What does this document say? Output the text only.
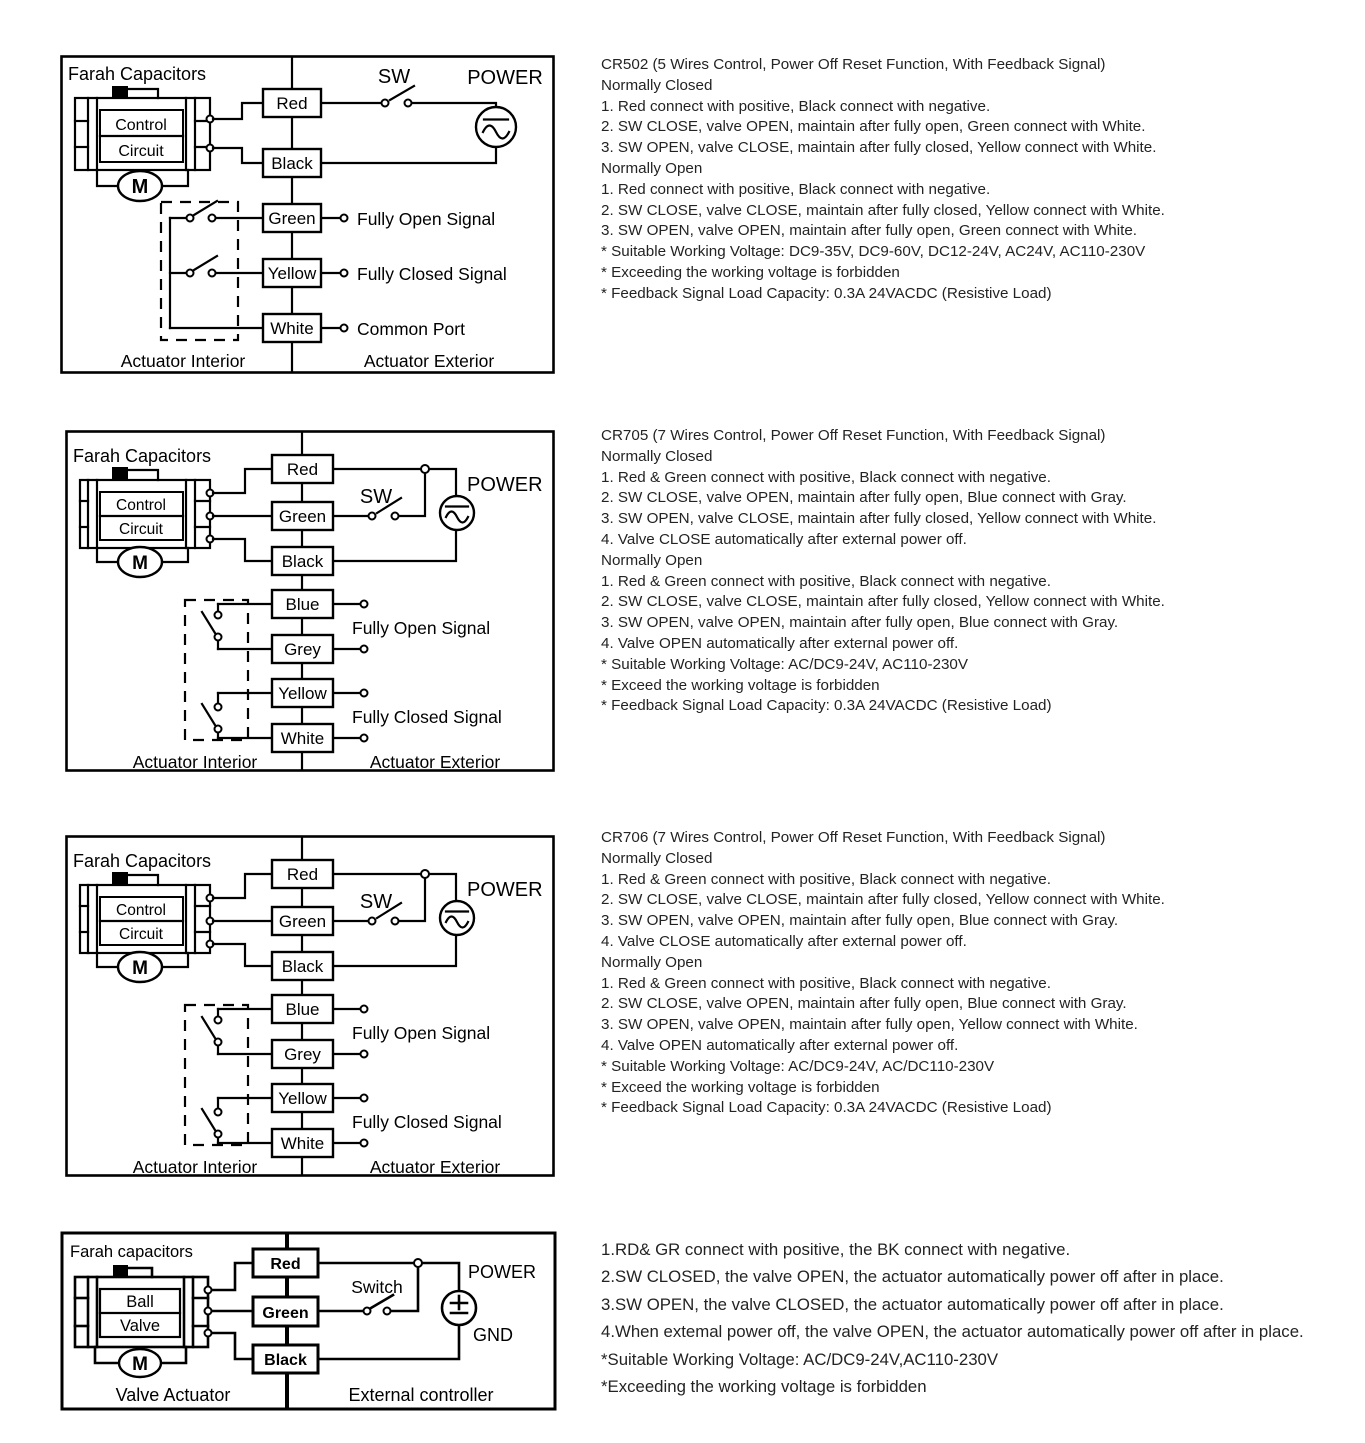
Farah Capacitors
Control
Circuit
M
SW	POWER
Red
Black
Green
Yellow
White
Fully Open Signal
Fully Closed Signal
Common Port
Actuator Interior	Actuator Exterior
CR502 (5 Wires Control, Power Off Reset Function, With Feedback Signal)
Normally Closed
1. Red connect with positive, Black connect with negative.
2. SW CLOSE, valve OPEN, maintain after fully open, Green connect with White.
3. SW OPEN, valve CLOSE, maintain after fully closed, Yellow connect with White.
Normally Open
1. Red connect with positive, Black connect with negative.
2. SW CLOSE, valve CLOSE, maintain after fully closed, Yellow connect with White.
3. SW OPEN, valve OPEN, maintain after fully open, Green connect with White.
* Suitable Working Voltage: DC9-35V, DC9-60V, DC12-24V, AC24V, AC110-230V
* Exceeding the working voltage is forbidden
* Feedback Signal Load Capacity: 0.3A 24VACDC (Resistive Load)
Farah Capacitors
Control
Circuit
M
SW
POWER
Red
Green
Black
Blue
Grey
Yellow
White
Fully Open Signal
Fully Closed Signal
Actuator Interior	Actuator Exterior
CR705 (7 Wires Control, Power Off Reset Function, With Feedback Signal)
Normally Closed
1. Red & Green connect with positive, Black connect with negative.
2. SW CLOSE, valve OPEN, maintain after fully open, Blue connect with Gray.
3. SW OPEN, valve CLOSE, maintain after fully closed, Yellow connect with White.
4. Valve CLOSE automatically after external power off.
Normally Open
1. Red & Green connect with positive, Black connect with negative.
2. SW CLOSE, valve CLOSE, maintain after fully closed, Yellow connect with White.
3. SW OPEN, valve OPEN, maintain after fully open, Blue connect with Gray.
4. Valve OPEN automatically after external power off.
* Suitable Working Voltage: AC/DC9-24V, AC110-230V
* Exceed the working voltage is forbidden
* Feedback Signal Load Capacity: 0.3A 24VACDC (Resistive Load)
Farah Capacitors
Control
Circuit
M
SW
POWER
Red
Green
Black
Blue
Grey
Yellow
White
Fully Open Signal
Fully Closed Signal
Actuator Interior	Actuator Exterior
CR706 (7 Wires Control, Power Off Reset Function, With Feedback Signal)
Normally Closed
1. Red & Green connect with positive, Black connect with negative.
2. SW CLOSE, valve CLOSE, maintain after fully closed, Yellow connect with White.
3. SW OPEN, valve OPEN, maintain after fully open, Blue connect with Gray.
4. Valve CLOSE automatically after external power off.
Normally Open
1. Red & Green connect with positive, Black connect with negative.
2. SW CLOSE, valve OPEN, maintain after fully open, Blue connect with Gray.
3. SW OPEN, valve OPEN, maintain after fully open, Yellow connect with White.
4. Valve OPEN automatically after external power off.
* Suitable Working Voltage: AC/DC9-24V, AC/DC110-230V
* Exceed the working voltage is forbidden
* Feedback Signal Load Capacity: 0.3A 24VACDC (Resistive Load)
Farah capacitors
Ball
Valve
M
Switch
POWER
GND
Red
Green
Black
Valve Actuator	External controller
1.RD& GR connect with positive, the BK connect with negative.
2.SW CLOSED, the valve OPEN, the actuator automatically power off after in place.
3.SW OPEN, the valve CLOSED, the actuator automatically power off after in place.
4.When extemal power off, the valve OPEN, the actuator automatically power off after in place.
*Suitable Working Voltage: AC/DC9-24V,AC110-230V
*Exceeding the working voltage is forbidden
